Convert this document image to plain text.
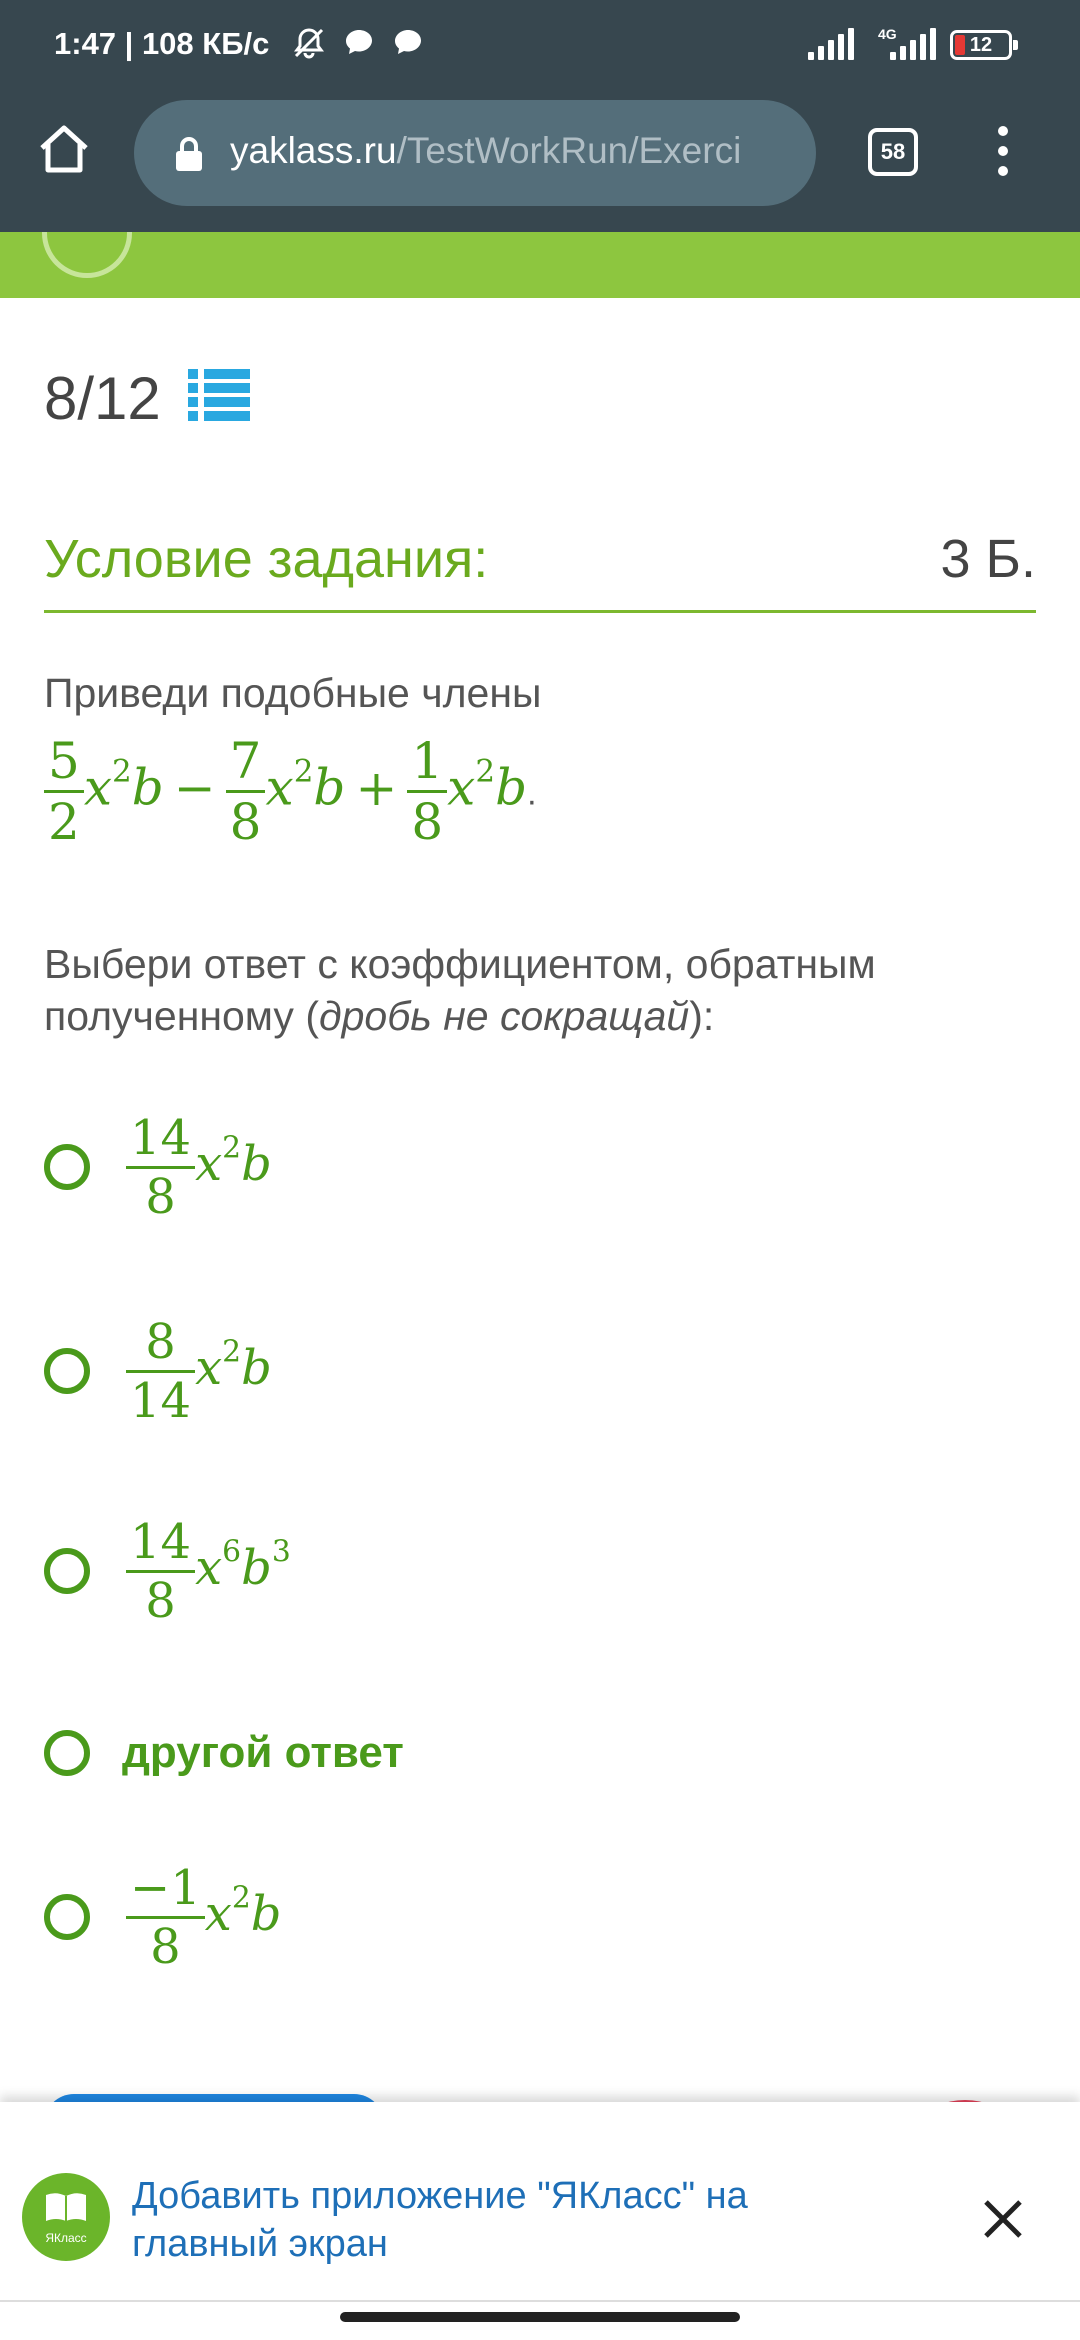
1:47 | 108 КБ/с	4G	12
yaklass.ru/TestWorkRun/Exerci	58
8/12
Условие задания:	3 Б.
Приведи подобные члены
$\frac{5}{2} x^2b - \frac{7}{8} x^2b + \frac{1}{8} x^2b$.
Выбери ответ с коэффициентом, обратным полученному (дробь не сокращай):
$\frac{14}{8} x^2b$
$\frac{8}{14} x^2b$
$\frac{14}{8} x^6b^3$
другой ответ
$\frac{-1}{8} x^2b$
ЯКласс
Добавить приложение "ЯКласс" на главный экран
